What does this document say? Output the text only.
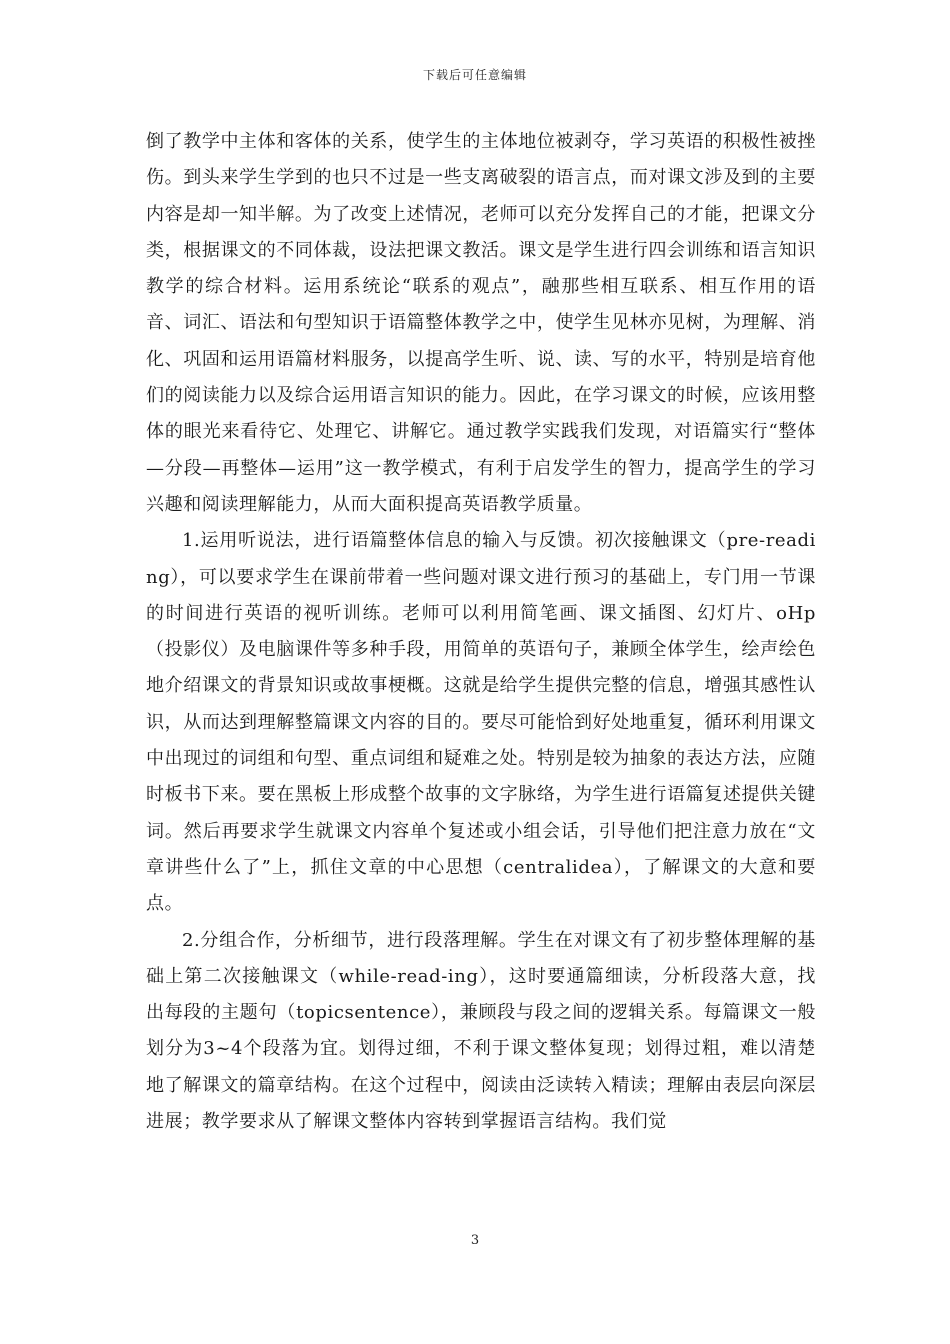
下载后可任意编辑

倒了教学中主体和客体的关系，使学生的主体地位被剥夺，学习英语的积极性被挫伤。到头来学生学到的也只不过是一些支离破裂的语言点，而对课文涉及到的主要内容是却一知半解。为了改变上述情况，老师可以充分发挥自己的才能，把课文分类，根据课文的不同体裁，设法把课文教活。课文是学生进行四会训练和语言知识教学的综合材料。运用系统论“联系的观点”，融那些相互联系、相互作用的语音、词汇、语法和句型知识于语篇整体教学之中，使学生见林亦见树，为理解、消化、巩固和运用语篇材料服务，以提高学生听、说、读、写的水平，特别是培育他们的阅读能力以及综合运用语言知识的能力。因此，在学习课文的时候，应该用整体的眼光来看待它、处理它、讲解它。通过教学实践我们发现，对语篇实行“整体—分段—再整体—运用”这一教学模式，有利于启发学生的智力，提高学生的学习兴趣和阅读理解能力，从而大面积提高英语教学质量。

1.运用听说法，进行语篇整体信息的输入与反馈。初次接触课文（pre-reading），可以要求学生在课前带着一些问题对课文进行预习的基础上，专门用一节课的时间进行英语的视听训练。老师可以利用简笔画、课文插图、幻灯片、oHp（投影仪）及电脑课件等多种手段，用简单的英语句子，兼顾全体学生，绘声绘色地介绍课文的背景知识或故事梗概。这就是给学生提供完整的信息，增强其感性认识，从而达到理解整篇课文内容的目的。要尽可能恰到好处地重复，循环利用课文中出现过的词组和句型、重点词组和疑难之处。特别是较为抽象的表达方法，应随时板书下来。要在黑板上形成整个故事的文字脉络，为学生进行语篇复述提供关键词。然后再要求学生就课文内容单个复述或小组会话，引导他们把注意力放在“文章讲些什么了”上，抓住文章的中心思想（centralidea），了解课文的大意和要点。

2.分组合作，分析细节，进行段落理解。学生在对课文有了初步整体理解的基础上第二次接触课文（while-read-ing），这时要通篇细读，分析段落大意，找出每段的主题句（topicsentence），兼顾段与段之间的逻辑关系。每篇课文一般划分为3~4个段落为宜。划得过细，不利于课文整体复现；划得过粗，难以清楚地了解课文的篇章结构。在这个过程中，阅读由泛读转入精读；理解由表层向深层进展；教学要求从了解课文整体内容转到掌握语言结构。我们觉

3
